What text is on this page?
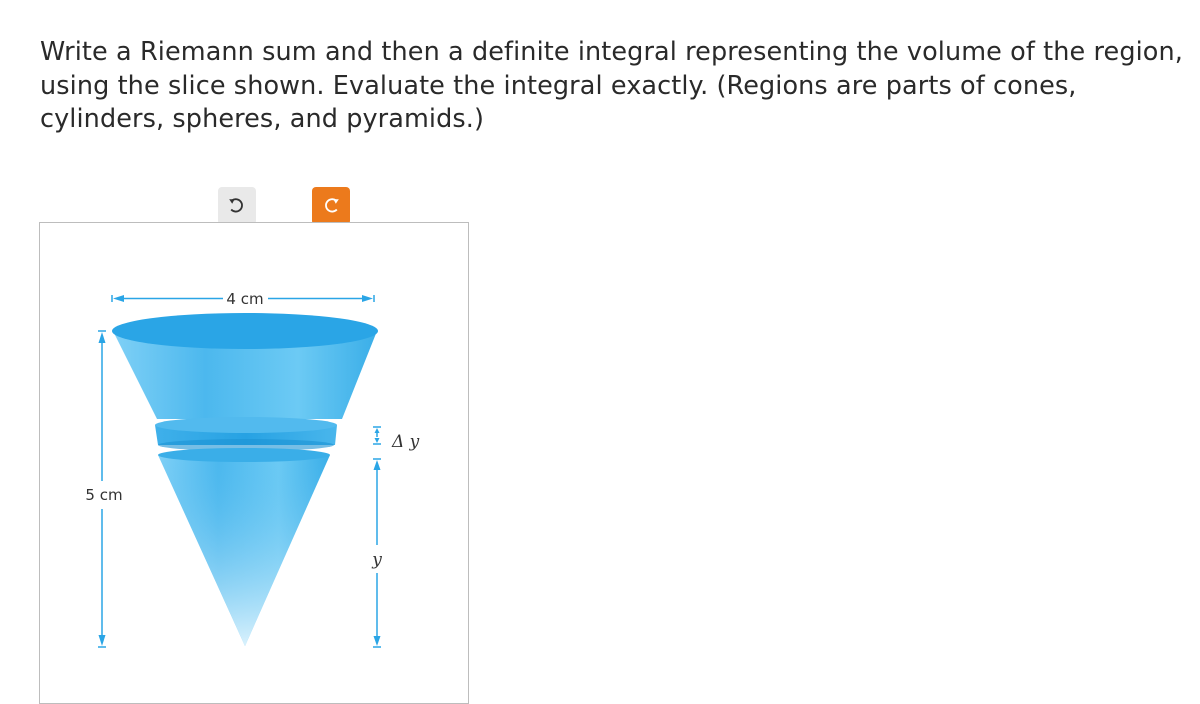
Write a Riemann sum and then a definite integral representing the volume of the region, using the slice shown. Evaluate the integral exactly. (Regions are parts of cones, cylinders, spheres, and pyramids.)
4 cm
5 cm
Δ y
y
